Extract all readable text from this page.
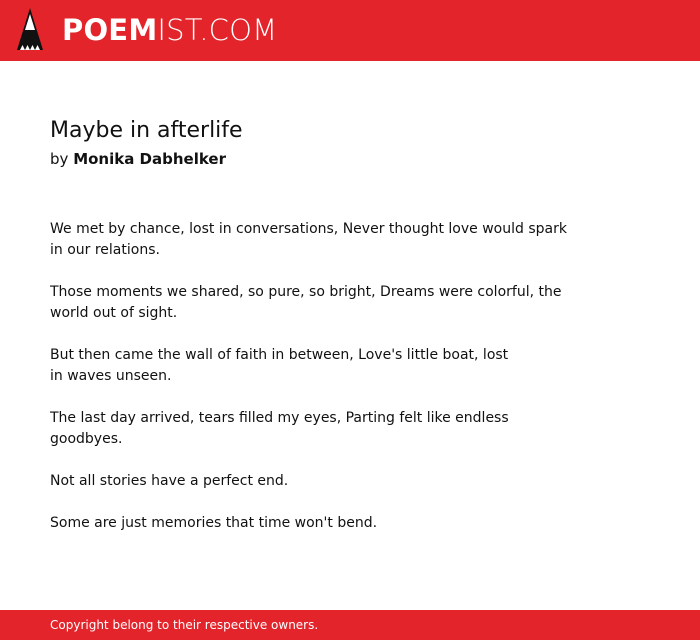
POEMIST.COM
Maybe in afterlife
by Monika Dabhelker

We met by chance, lost in conversations, Never thought love would spark in our relations.

Those moments we shared, so pure, so bright, Dreams were colorful, the world out of sight.

But then came the wall of faith in between, Love's little boat, lost in waves unseen.

The last day arrived, tears filled my eyes, Parting felt like endless goodbyes.

Not all stories have a perfect end.

Some are just memories that time won't bend.

Copyright belong to their respective owners.
